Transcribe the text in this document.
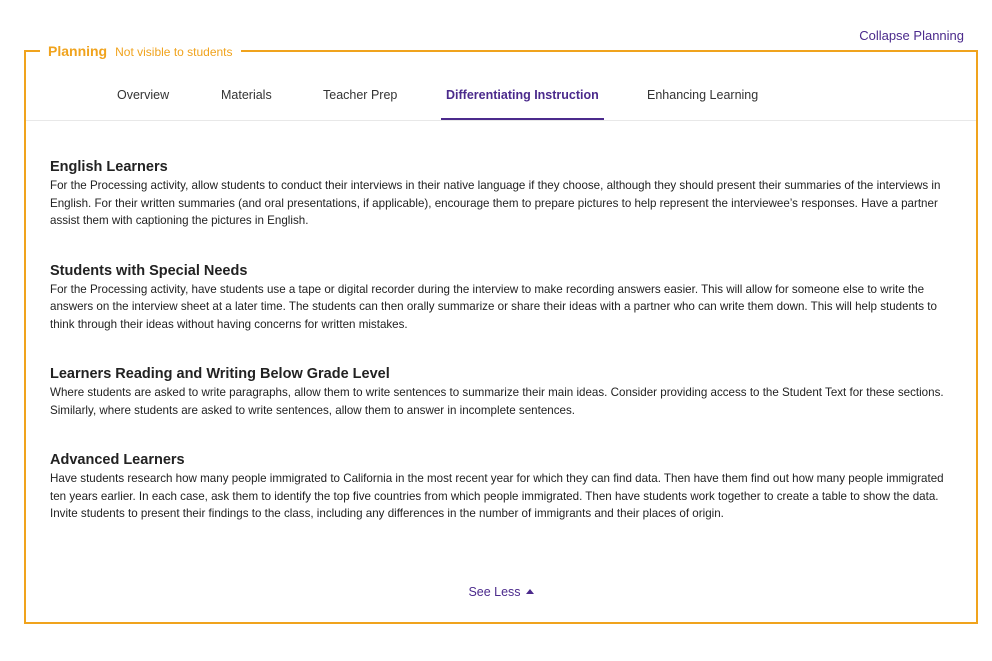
Collapse Planning
Planning Not visible to students
Overview	Materials	Teacher Prep	Differentiating Instruction	Enhancing Learning
English Learners

For the Processing activity, allow students to conduct their interviews in their native language if they choose, although they should present their summaries of the interviews in English. For their written summaries (and oral presentations, if applicable), encourage them to prepare pictures to help represent the interviewee’s responses. Have a partner assist them with captioning the pictures in English.

Students with Special Needs

For the Processing activity, have students use a tape or digital recorder during the interview to make recording answers easier. This will allow for someone else to write the answers on the interview sheet at a later time. The students can then orally summarize or share their ideas with a partner who can write them down. This will help students to think through their ideas without having concerns for written mistakes.

Learners Reading and Writing Below Grade Level

Where students are asked to write paragraphs, allow them to write sentences to summarize their main ideas. Consider providing access to the Student Text for these sections. Similarly, where students are asked to write sentences, allow them to answer in incomplete sentences.

Advanced Learners

Have students research how many people immigrated to California in the most recent year for which they can find data. Then have them find out how many people immigrated ten years earlier. In each case, ask them to identify the top five countries from which people immigrated. Then have students work together to create a table to show the data. Invite students to present their findings to the class, including any differences in the number of immigrants and their places of origin.

See Less
